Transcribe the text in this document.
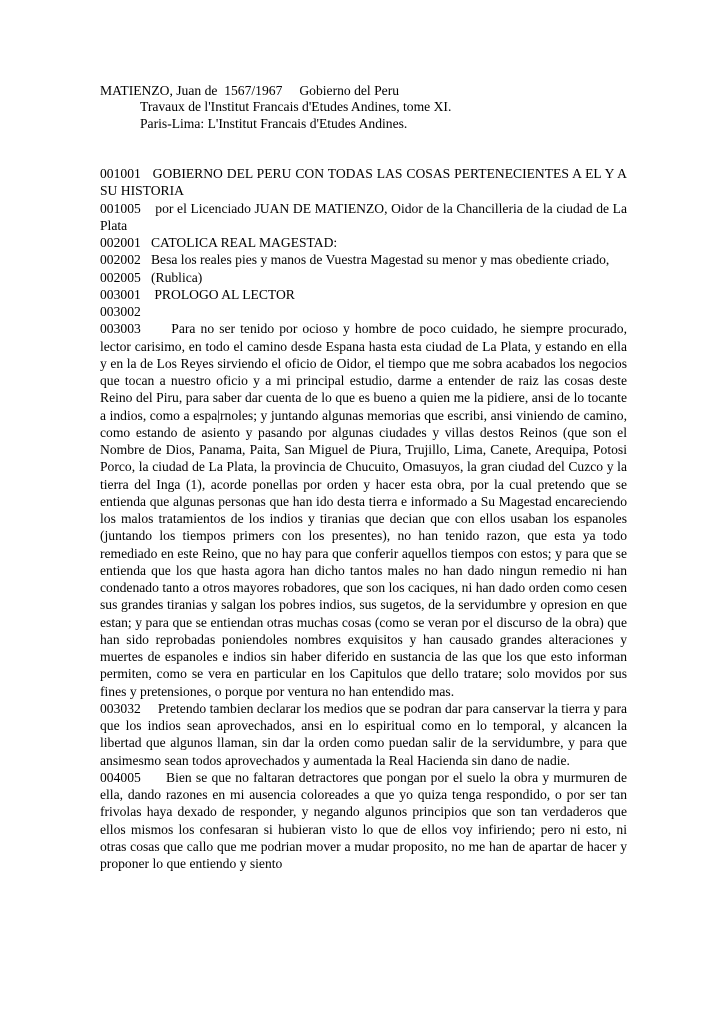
MATIENZO, Juan de  1567/1967     Gobierno del Peru
Travaux de l'Institut Francais d'Etudes Andines, tome XI.
Paris-Lima: L'Institut Francais d'Etudes Andines.

001001   GOBIERNO DEL PERU CON TODAS LAS COSAS PERTENECIENTES A EL Y A SU HISTORIA

001005    por el Licenciado JUAN DE MATIENZO, Oidor de la Chancilleria de la ciudad de La Plata

002001   CATOLICA REAL MAGESTAD:

002002   Besa los reales pies y manos de Vuestra Magestad su menor y mas obediente criado,

002005   (Rublica)

003001    PROLOGO AL LECTOR

003002

003003      Para no ser tenido por ocioso y hombre de poco cuidado, he siempre procurado, lector carisimo, en todo el camino desde Espana hasta esta ciudad de La Plata, y estando en ella y en la de Los Reyes sirviendo el oficio de Oidor, el tiempo que me sobra acabados los negocios que tocan a nuestro oficio y a mi principal estudio, darme a entender de raiz las cosas deste Reino del Piru, para saber dar cuenta de lo que es bueno a quien me la pidiere, ansi de lo tocante a indios, como a espa|rnoles; y juntando algunas memorias que escribi, ansi viniendo de camino, como estando de asiento y pasando por algunas ciudades y villas destos Reinos (que son el Nombre de Dios, Panama, Paita, San Miguel de Piura, Trujillo, Lima, Canete, Arequipa, Potosi Porco, la ciudad de La Plata, la provincia de Chucuito, Omasuyos, la gran ciudad del Cuzco y la tierra del Inga (1), acorde ponellas por orden y hacer esta obra, por la cual pretendo que se entienda que algunas personas que han ido desta tierra e informado a Su Magestad encareciendo los malos tratamientos de los indios y tiranias que decian que con ellos usaban los espanoles (juntando los tiempos primers con los presentes), no han tenido razon, que esta ya todo remediado en este Reino, que no hay para que conferir aquellos tiempos con estos; y para que se entienda que los que hasta agora han dicho tantos males no han dado ningun remedio ni han condenado tanto a otros mayores robadores, que son los caciques, ni han dado orden como cesen sus grandes tiranias y salgan los pobres indios, sus sugetos, de la servidumbre y opresion en que estan; y para que se entiendan otras muchas cosas (como se veran por el discurso de la obra) que han sido reprobadas poniendoles nombres exquisitos y han causado grandes alteraciones y muertes de espanoles e indios sin haber diferido en sustancia de las que los que esto informan permiten, como se vera en particular en los Capitulos que dello tratare; solo movidos por sus fines y pretensiones, o porque por ventura no han entendido mas.

003032     Pretendo tambien declarar los medios que se podran dar para canservar la tierra y para que los indios sean aprovechados, ansi en lo espiritual como en lo temporal, y alcancen la libertad que algunos llaman, sin dar la orden como puedan salir de la servidumbre, y para que ansimesmo sean todos aprovechados y aumentada la Real Hacienda sin dano de nadie.

004005      Bien se que no faltaran detractores que pongan por el suelo la obra y murmuren de ella, dando razones en mi ausencia coloreades a que yo quiza tenga respondido, o por ser tan frivolas haya dexado de responder, y negando algunos principios que son tan verdaderos que ellos mismos los confesaran si hubieran visto lo que de ellos voy infiriendo; pero ni esto, ni otras cosas que callo que me podrian mover a mudar proposito, no me han de apartar de hacer y proponer lo que entiendo y siento
